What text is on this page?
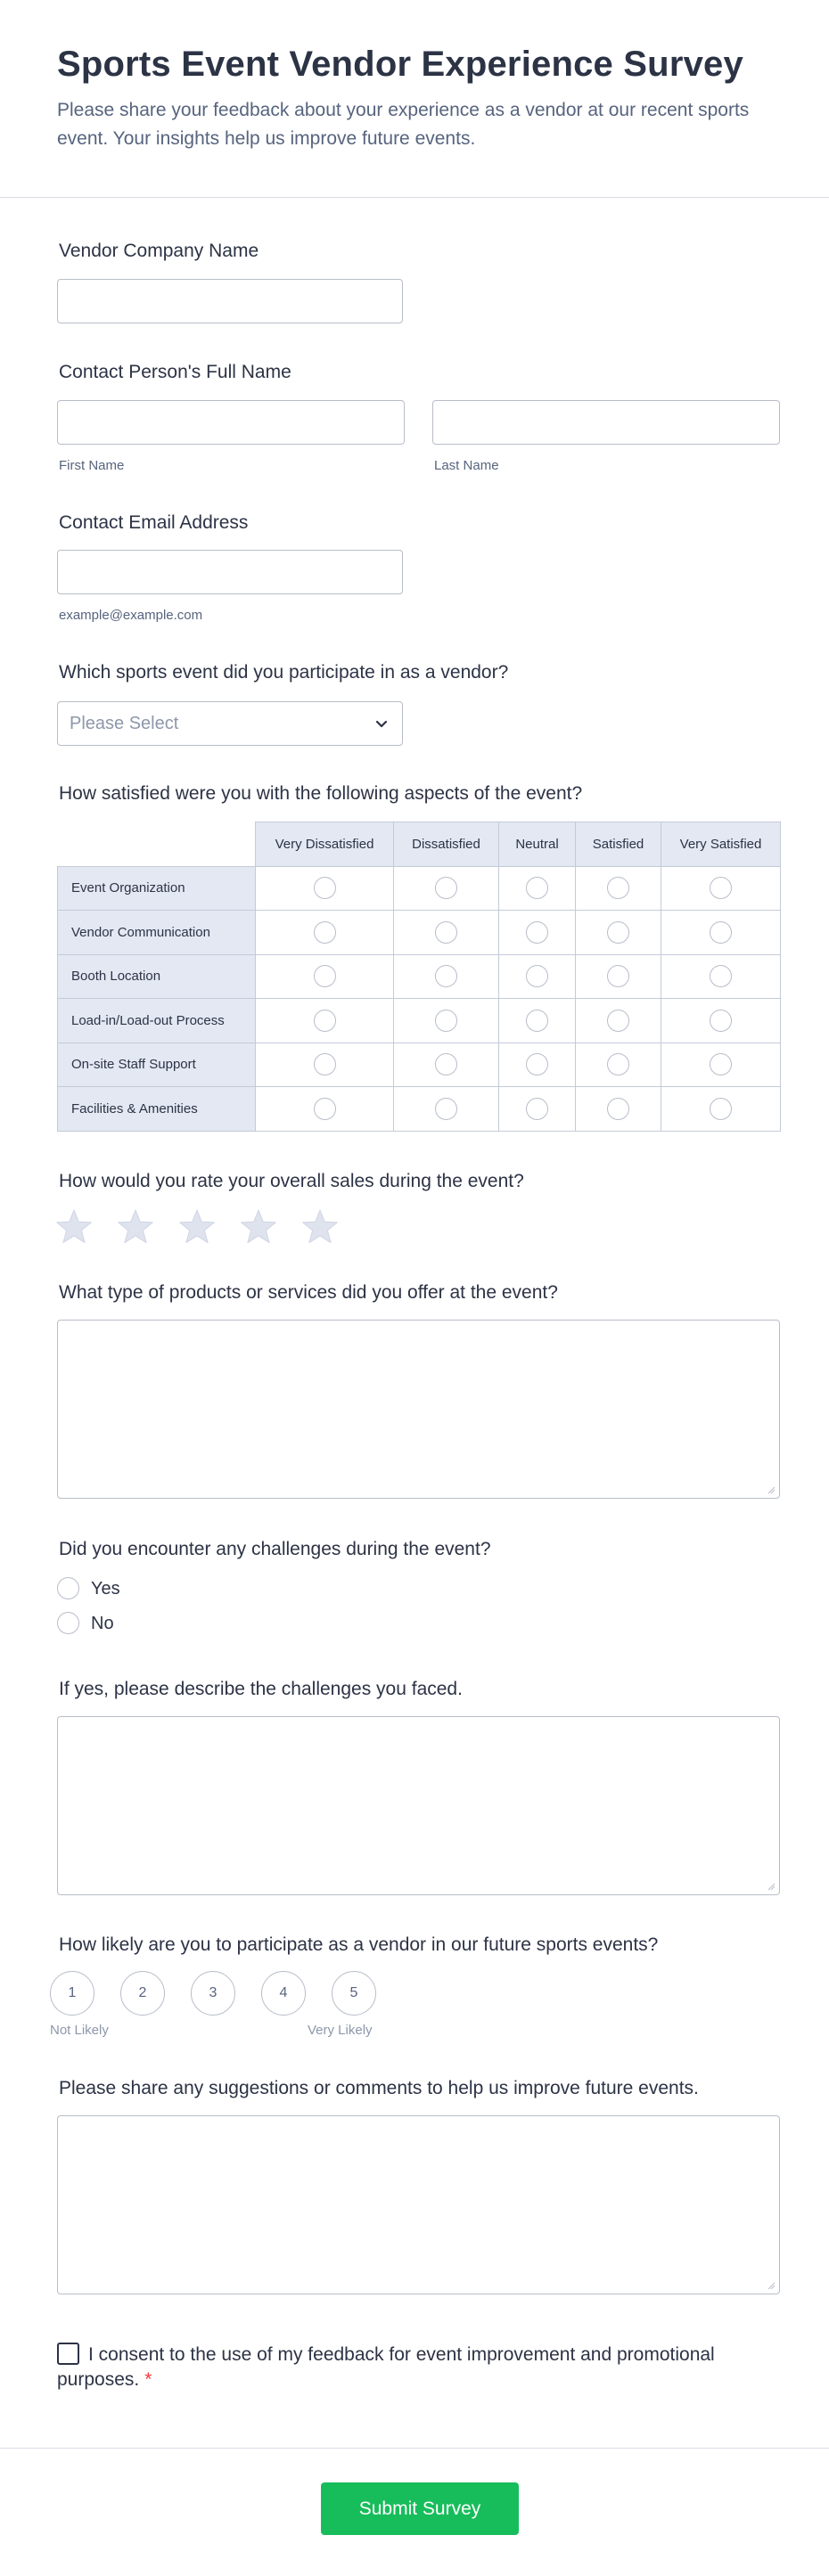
Sports Event Vendor Experience Survey

Please share your feedback about your experience as a vendor at our recent sports event. Your insights help us improve future events.

Vendor Company Name
Contact Person's Full Name
First Name	Last Name
Contact Email Address
example@example.com
Which sports event did you participate in as a vendor?
Please Select
How satisfied were you with the following aspects of the event?
	Very Dissatisfied	Dissatisfied	Neutral	Satisfied	Very Satisfied
Event Organization					
Vendor Communication					
Booth Location					
Load-in/Load-out Process					
On-site Staff Support					
Facilities & Amenities					
How would you rate your overall sales during the event?
What type of products or services did you offer at the event?
Did you encounter any challenges during the event?
Yes
No
If yes, please describe the challenges you faced.
How likely are you to participate as a vendor in our future sports events?
1	2	3	4	5
Not Likely	Very Likely
Please share any suggestions or comments to help us improve future events.
I consent to the use of my feedback for event improvement and promotional purposes. *
Submit Survey
